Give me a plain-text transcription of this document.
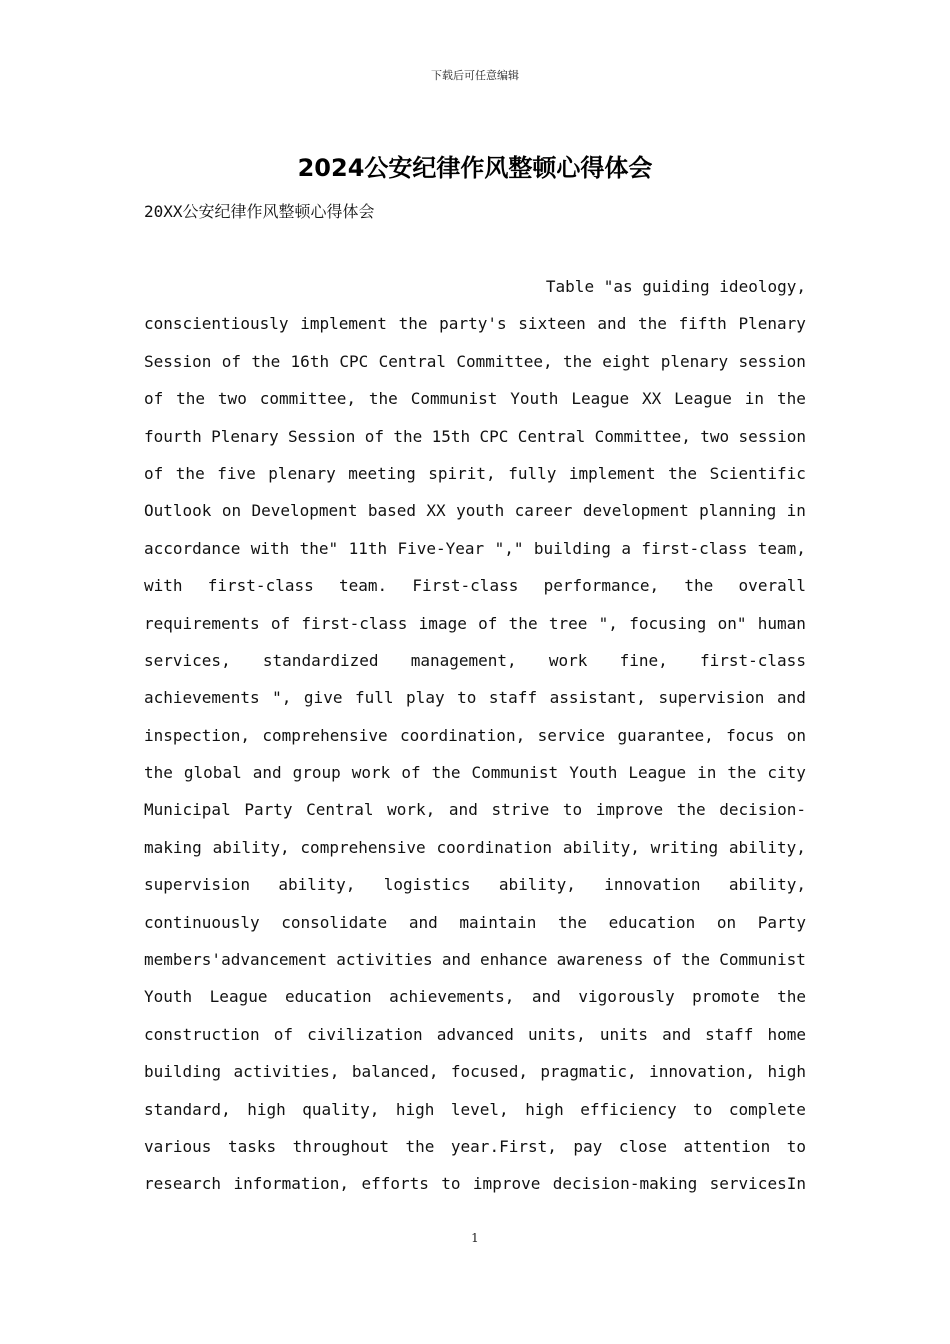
下载后可任意编辑
2024公安纪律作风整顿心得体会
20XX公安纪律作风整顿心得体会
Table "as guiding ideology,
conscientiously implement the party's sixteen and the fifth Plenary
Session of the 16th CPC Central Committee, the eight plenary session
of the two committee, the Communist Youth League XX League in the
fourth Plenary Session of the 15th CPC Central Committee, two session
of the five plenary meeting spirit, fully implement the Scientific
Outlook on Development based XX youth career development planning in
accordance with the" 11th Five-Year "," building a first-class team,
with first-class team. First-class performance, the overall
requirements of first-class image of the tree ", focusing on" human
services, standardized management, work fine, first-class
achievements ", give full play to staff assistant, supervision and
inspection, comprehensive coordination, service guarantee, focus on
the global and group work of the Communist Youth League in the city
Municipal Party Central work, and strive to improve the decision-
making ability, comprehensive coordination ability, writing ability,
supervision ability, logistics ability, innovation ability,
continuously consolidate and maintain the education on Party
members'advancement activities and enhance awareness of the Communist
Youth League education achievements, and vigorously promote the
construction of civilization advanced units, units and staff home
building activities, balanced, focused, pragmatic, innovation, high
standard, high quality, high level, high efficiency to complete
various tasks throughout the year.First, pay close attention to
research information, efforts to improve decision-making servicesIn
1
